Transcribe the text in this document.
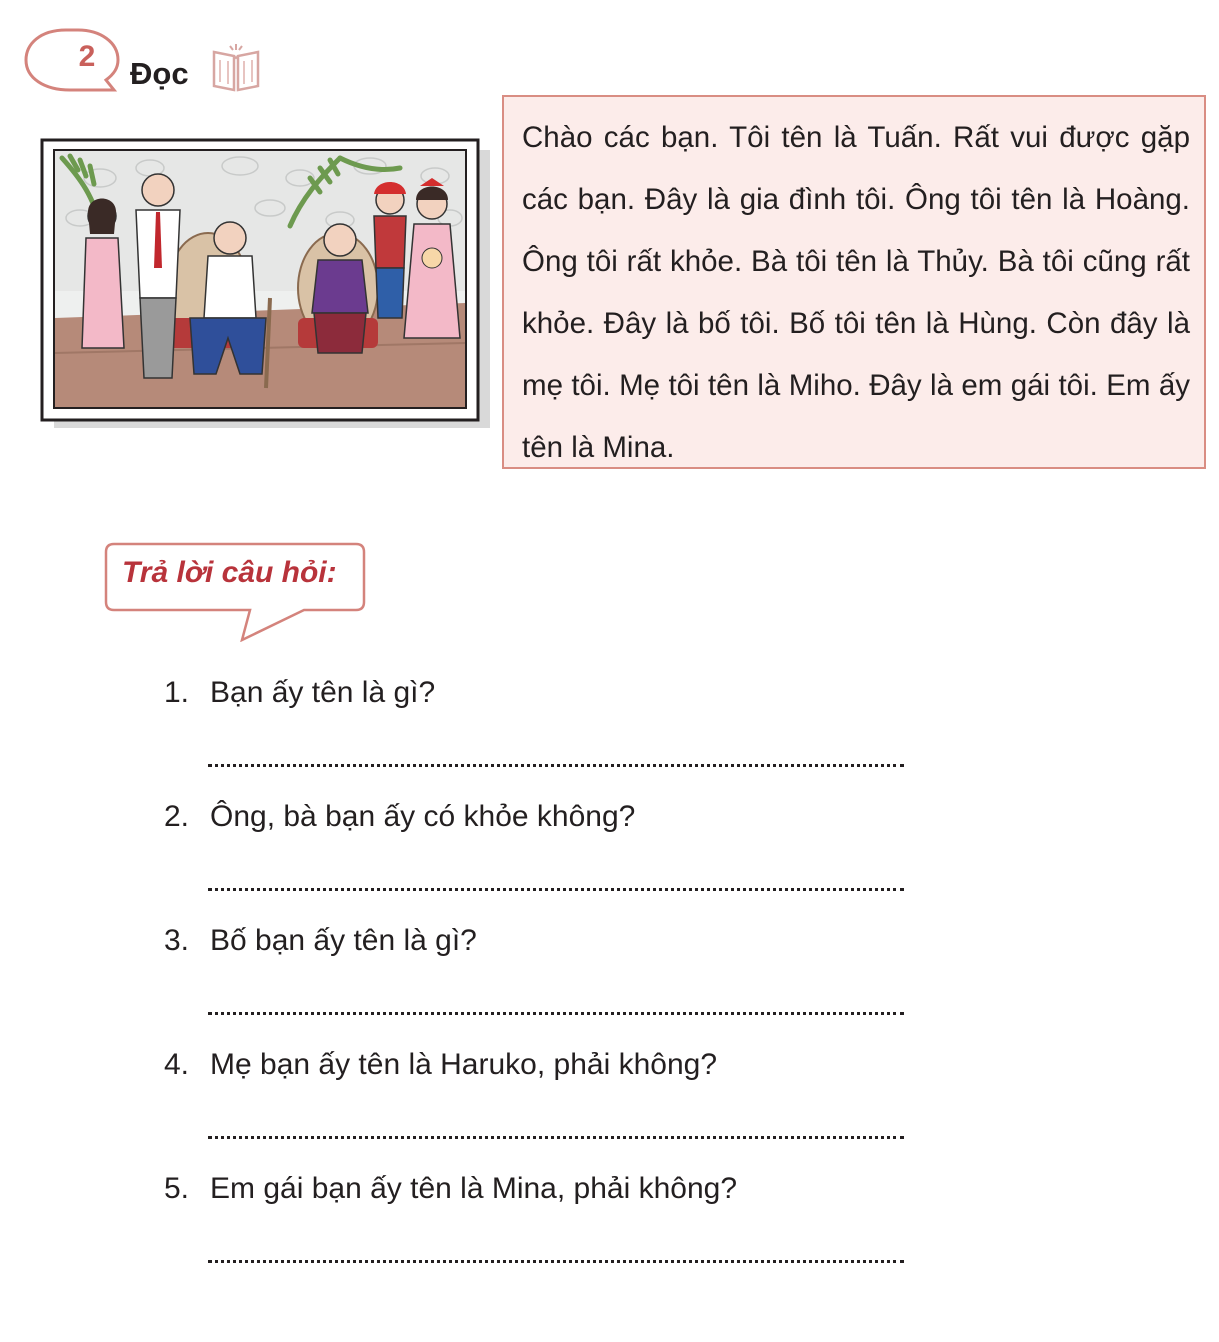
2	Đọc

Chào các bạn. Tôi tên là Tuấn. Rất vui được gặp các bạn. Đây là gia đình tôi. Ông tôi tên là Hoàng. Ông tôi rất khỏe. Bà tôi tên là Thủy. Bà tôi cũng rất khỏe. Đây là bố tôi. Bố tôi tên là Hùng. Còn đây là mẹ tôi. Mẹ tôi tên là Miho. Đây là em gái tôi. Em ấy tên là Mina.

Trả lời câu hỏi:
1. Bạn ấy tên là gì?
2. Ông, bà bạn ấy có khỏe không?
3. Bố bạn ấy tên là gì?
4. Mẹ bạn ấy tên là Haruko, phải không?
5. Em gái bạn ấy tên là Mina, phải không?
